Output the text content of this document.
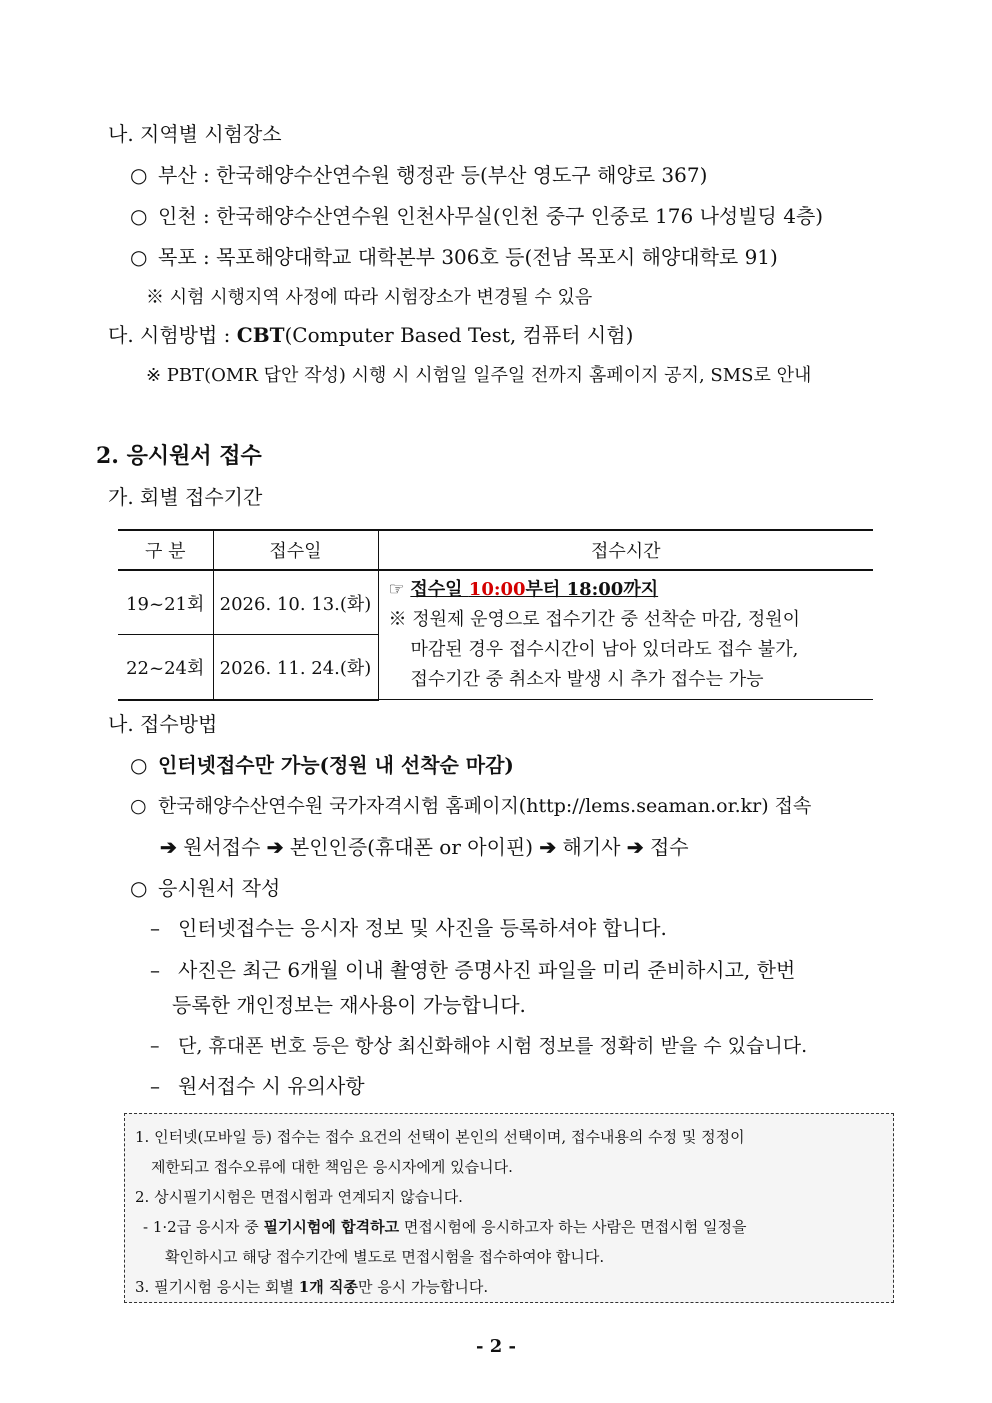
나. 지역별 시험장소
○ 부산 : 한국해양수산연수원 행정관 등(부산 영도구 해양로 367)
○ 인천 : 한국해양수산연수원 인천사무실(인천 중구 인중로 176 나성빌딩 4층)
○ 목포 : 목포해양대학교 대학본부 306호 등(전남 목포시 해양대학로 91)
※ 시험 시행지역 사정에 따라 시험장소가 변경될 수 있음
다. 시험방법 : CBT(Computer Based Test, 컴퓨터 시험)
※ PBT(OMR 답안 작성) 시행 시 시험일 일주일 전까지 홈페이지 공지, SMS로 안내
2. 응시원서 접수
가. 회별 접수기간
구 분	접수일	접수시간
19~21회	2026. 10. 13.(화)	☞ 접수일 10:00부터 18:00까지
※ 정원제 운영으로 접수기간 중 선착순 마감, 정원이
마감된 경우 접수시간이 남아 있더라도 접수 불가,
접수기간 중 취소자 발생 시 추가 접수는 가능

22~24회	2026. 11. 24.(화)	
나. 접수방법
○ 인터넷접수만 가능(정원 내 선착순 마감)
○ 한국해양수산연수원 국가자격시험 홈페이지(http://lems.seaman.or.kr) 접속
➔ 원서접수 ➔ 본인인증(휴대폰 or 아이핀) ➔ 해기사 ➔ 접수
○ 응시원서 작성
– 인터넷접수는 응시자 정보 및 사진을 등록하셔야 합니다.
– 사진은 최근 6개월 이내 촬영한 증명사진 파일을 미리 준비하시고, 한번
등록한 개인정보는 재사용이 가능합니다.
– 단, 휴대폰 번호 등은 항상 최신화해야 시험 정보를 정확히 받을 수 있습니다.
– 원서접수 시 유의사항
1. 인터넷(모바일 등) 접수는 접수 요건의 선택이 본인의 선택이며, 접수내용의 수정 및 정정이
제한되고 접수오류에 대한 책임은 응시자에게 있습니다.
2. 상시필기시험은 면접시험과 연계되지 않습니다.
- 1·2급 응시자 중 필기시험에 합격하고 면접시험에 응시하고자 하는 사람은 면접시험 일정을
확인하시고 해당 접수기간에 별도로 면접시험을 접수하여야 합니다.
3. 필기시험 응시는 회별 1개 직종만 응시 가능합니다.
- 2 -
